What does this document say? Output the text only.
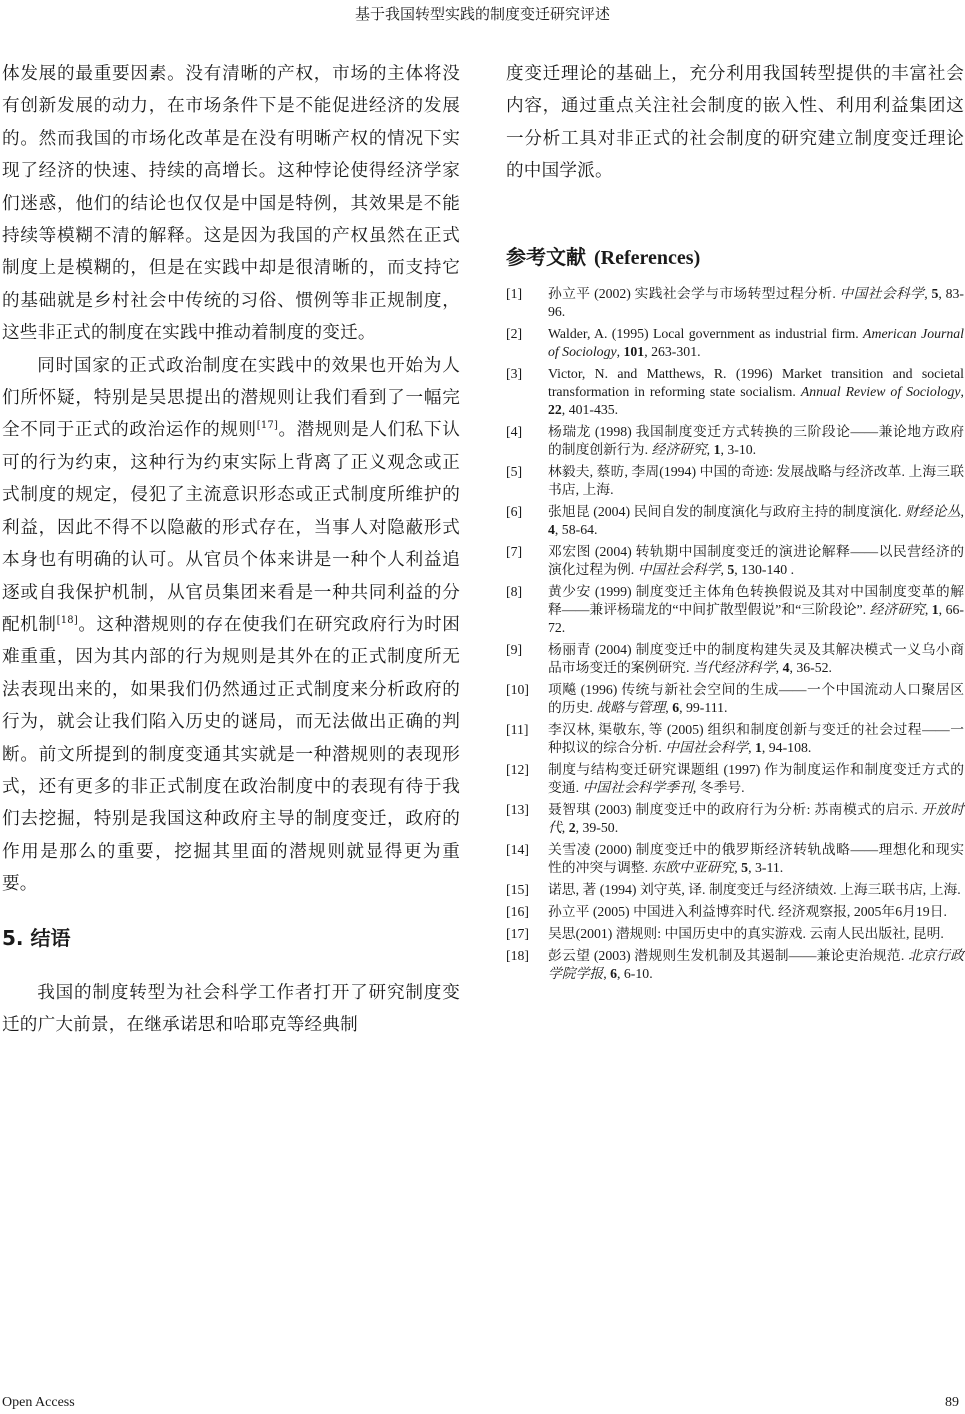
基于我国转型实践的制度变迁研究评述

体发展的最重要因素。没有清晰的产权，市场的主体将没有创新发展的动力，在市场条件下是不能促进经济的发展的。然而我国的市场化改革是在没有明晰产权的情况下实现了经济的快速、持续的高增长。这种悖论使得经济学家们迷惑，他们的结论也仅仅是中国是特例，其效果是不能持续等模糊不清的解释。这是因为我国的产权虽然在正式制度上是模糊的，但是在实践中却是很清晰的，而支持它的基础就是乡村社会中传统的习俗、惯例等非正规制度，这些非正式的制度在实践中推动着制度的变迁。

同时国家的正式政治制度在实践中的效果也开始为人们所怀疑，特别是吴思提出的潜规则让我们看到了一幅完全不同于正式的政治运作的规则[17]。潜规则是人们私下认可的行为约束，这种行为约束实际上背离了正义观念或正式制度的规定，侵犯了主流意识形态或正式制度所维护的利益，因此不得不以隐蔽的形式存在，当事人对隐蔽形式本身也有明确的认可。从官员个体来讲是一种个人利益追逐或自我保护机制，从官员集团来看是一种共同利益的分配机制[18]。这种潜规则的存在使我们在研究政府行为时困难重重，因为其内部的行为规则是其外在的正式制度所无法表现出来的，如果我们仍然通过正式制度来分析政府的行为，就会让我们陷入历史的谜局，而无法做出正确的判断。前文所提到的制度变通其实就是一种潜规则的表现形式，还有更多的非正式制度在政治制度中的表现有待于我们去挖掘，特别是我国这种政府主导的制度变迁，政府的作用是那么的重要，挖掘其里面的潜规则就显得更为重要。

5. 结语

我国的制度转型为社会科学工作者打开了研究制度变迁的广大前景，在继承诺思和哈耶克等经典制

度变迁理论的基础上，充分利用我国转型提供的丰富社会内容，通过重点关注社会制度的嵌入性、利用利益集团这一分析工具对非正式的社会制度的研究建立制度变迁理论的中国学派。

参考文献 (References)
[1]	孙立平 (2002) 实践社会学与市场转型过程分析. 中国社会科学, 5, 83-96.
[2]	Walder, A. (1995) Local government as industrial firm. American Journal of Sociology, 101, 263-301.
[3]	Victor, N. and Matthews, R. (1996) Market transition and societal transformation in reforming state socialism. Annual Review of Sociology, 22, 401-435.
[4]	杨瑞龙 (1998) 我国制度变迁方式转换的三阶段论——兼论地方政府的制度创新行为. 经济研究, 1, 3-10.
[5]	林毅夫, 蔡昉, 李周(1994) 中国的奇迹: 发展战略与经济改革. 上海三联书店, 上海.
[6]	张旭昆 (2004) 民间自发的制度演化与政府主持的制度演化. 财经论丛, 4, 58-64.
[7]	邓宏图 (2004) 转轨期中国制度变迁的演进论解释——以民营经济的演化过程为例. 中国社会科学, 5, 130-140 .
[8]	黄少安 (1999) 制度变迁主体角色转换假说及其对中国制度变革的解释——兼评杨瑞龙的“中间扩散型假说”和“三阶段论”. 经济研究, 1, 66-72.
[9]	杨丽青 (2004) 制度变迁中的制度构建失灵及其解决模式一义乌小商品市场变迁的案例研究. 当代经济科学, 4, 36-52.
[10]	项飚 (1996) 传统与新社会空间的生成——一个中国流动人口聚居区的历史. 战略与管理, 6, 99-111.
[11]	李汉林, 渠敬东, 等 (2005) 组织和制度创新与变迁的社会过程——一种拟议的综合分析. 中国社会科学, 1, 94-108.
[12]	制度与结构变迁研究课题组 (1997) 作为制度运作和制度变迁方式的变通. 中国社会科学季刊, 冬季号.
[13]	聂智琪 (2003) 制度变迁中的政府行为分析: 苏南模式的启示. 开放时代, 2, 39-50.
[14]	关雪凌 (2000) 制度变迁中的俄罗斯经济转轨战略——理想化和现实性的冲突与调整. 东欧中亚研究, 5, 3-11.
[15]	诺思, 著 (1994) 刘守英, 译. 制度变迁与经济绩效. 上海三联书店, 上海.
[16]	孙立平 (2005) 中国进入利益博弈时代. 经济观察报, 2005年6月19日.
[17]	吴思(2001) 潜规则: 中国历史中的真实游戏. 云南人民出版社, 昆明.
[18]	彭云望 (2003) 潜规则生发机制及其遏制——兼论吏治规范. 北京行政学院学报, 6, 6-10.
Open Access	89
